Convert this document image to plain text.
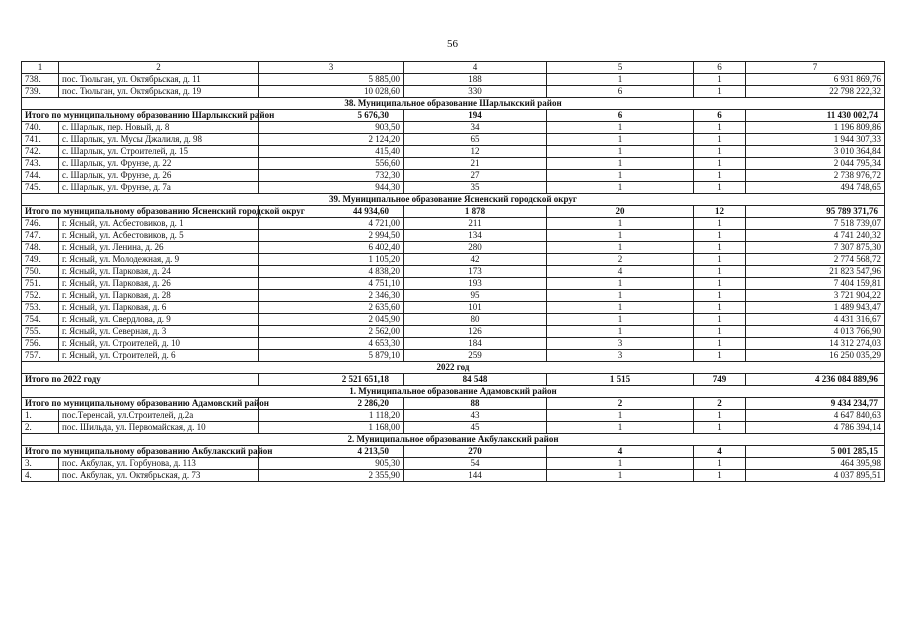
56
1	2	3	4	5	6	7
738.	пос. Тюльган, ул. Октябрьская, д. 11	5 885,00	188	1	1	6 931 869,76
739.	пос. Тюльган, ул. Октябрьская, д. 19	10 028,60	330	6	1	22 798 222,32
38. Муниципальное образование Шарлыкский район						
Итого по муниципальному образованию Шарлыкский район		5 676,30	194	6	6	11 430 002,74
740.	с. Шарлык, пер. Новый, д. 8	903,50	34	1	1	1 196 809,86
741.	с. Шарлык, ул. Мусы Джалиля, д. 98	2 124,20	65	1	1	1 944 307,33
742.	с. Шарлык, ул. Строителей, д. 15	415,40	12	1	1	3 010 364,84
743.	с. Шарлык, ул. Фрунзе, д. 22	556,60	21	1	1	2 044 795,34
744.	с. Шарлык, ул. Фрунзе, д. 26	732,30	27	1	1	2 738 976,72
745.	с. Шарлык, ул. Фрунзе, д. 7а	944,30	35	1	1	494 748,65
39. Муниципальное образование Ясненский городской округ						
Итого по муниципальному образованию Ясненский городской округ		44 934,60	1 878	20	12	95 789 371,76
746.	г. Ясный, ул. Асбестовиков, д. 1	4 721,00	211	1	1	7 518 739,07
747.	г. Ясный, ул. Асбестовиков, д. 5	2 994,50	134	1	1	4 741 240,32
748.	г. Ясный, ул. Ленина, д. 26	6 402,40	280	1	1	7 307 875,30
749.	г. Ясный, ул. Молодежная, д. 9	1 105,20	42	2	1	2 774 568,72
750.	г. Ясный, ул. Парковая, д. 24	4 838,20	173	4	1	21 823 547,96
751.	г. Ясный, ул. Парковая, д. 26	4 751,10	193	1	1	7 404 159,81
752.	г. Ясный, ул. Парковая, д. 28	2 346,30	95	1	1	3 721 904,22
753.	г. Ясный, ул. Парковая, д. 6	2 635,60	101	1	1	1 489 943,47
754.	г. Ясный, ул. Свердлова, д. 9	2 045,90	80	1	1	4 431 316,67
755.	г. Ясный, ул. Северная, д. 3	2 562,00	126	1	1	4 013 766,90
756.	г. Ясный, ул. Строителей, д. 10	4 653,30	184	3	1	14 312 274,03
757.	г. Ясный, ул. Строителей, д. 6	5 879,10	259	3	1	16 250 035,29
2022 год						
Итого по 2022 году		2 521 651,18	84 548	1 515	749	4 236 084 889,96
1. Муниципальное образование Адамовский район						
Итого по муниципальному образованию Адамовский район		2 286,20	88	2	2	9 434 234,77
1.	пос.Теренсай, ул.Строителей, д.2а	1 118,20	43	1	1	4 647 840,63
2.	пос. Шильда, ул. Первомайская, д. 10	1 168,00	45	1	1	4 786 394,14
2. Муниципальное образование Акбулакский район						
Итого по муниципальному образованию Акбулакский район		4 213,50	270	4	4	5 001 285,15
3.	пос. Акбулак, ул. Горбунова, д. 113	905,30	54	1	1	464 395,98
4.	пос. Акбулак, ул. Октябрьская, д. 73	2 355,90	144	1	1	4 037 895,51
